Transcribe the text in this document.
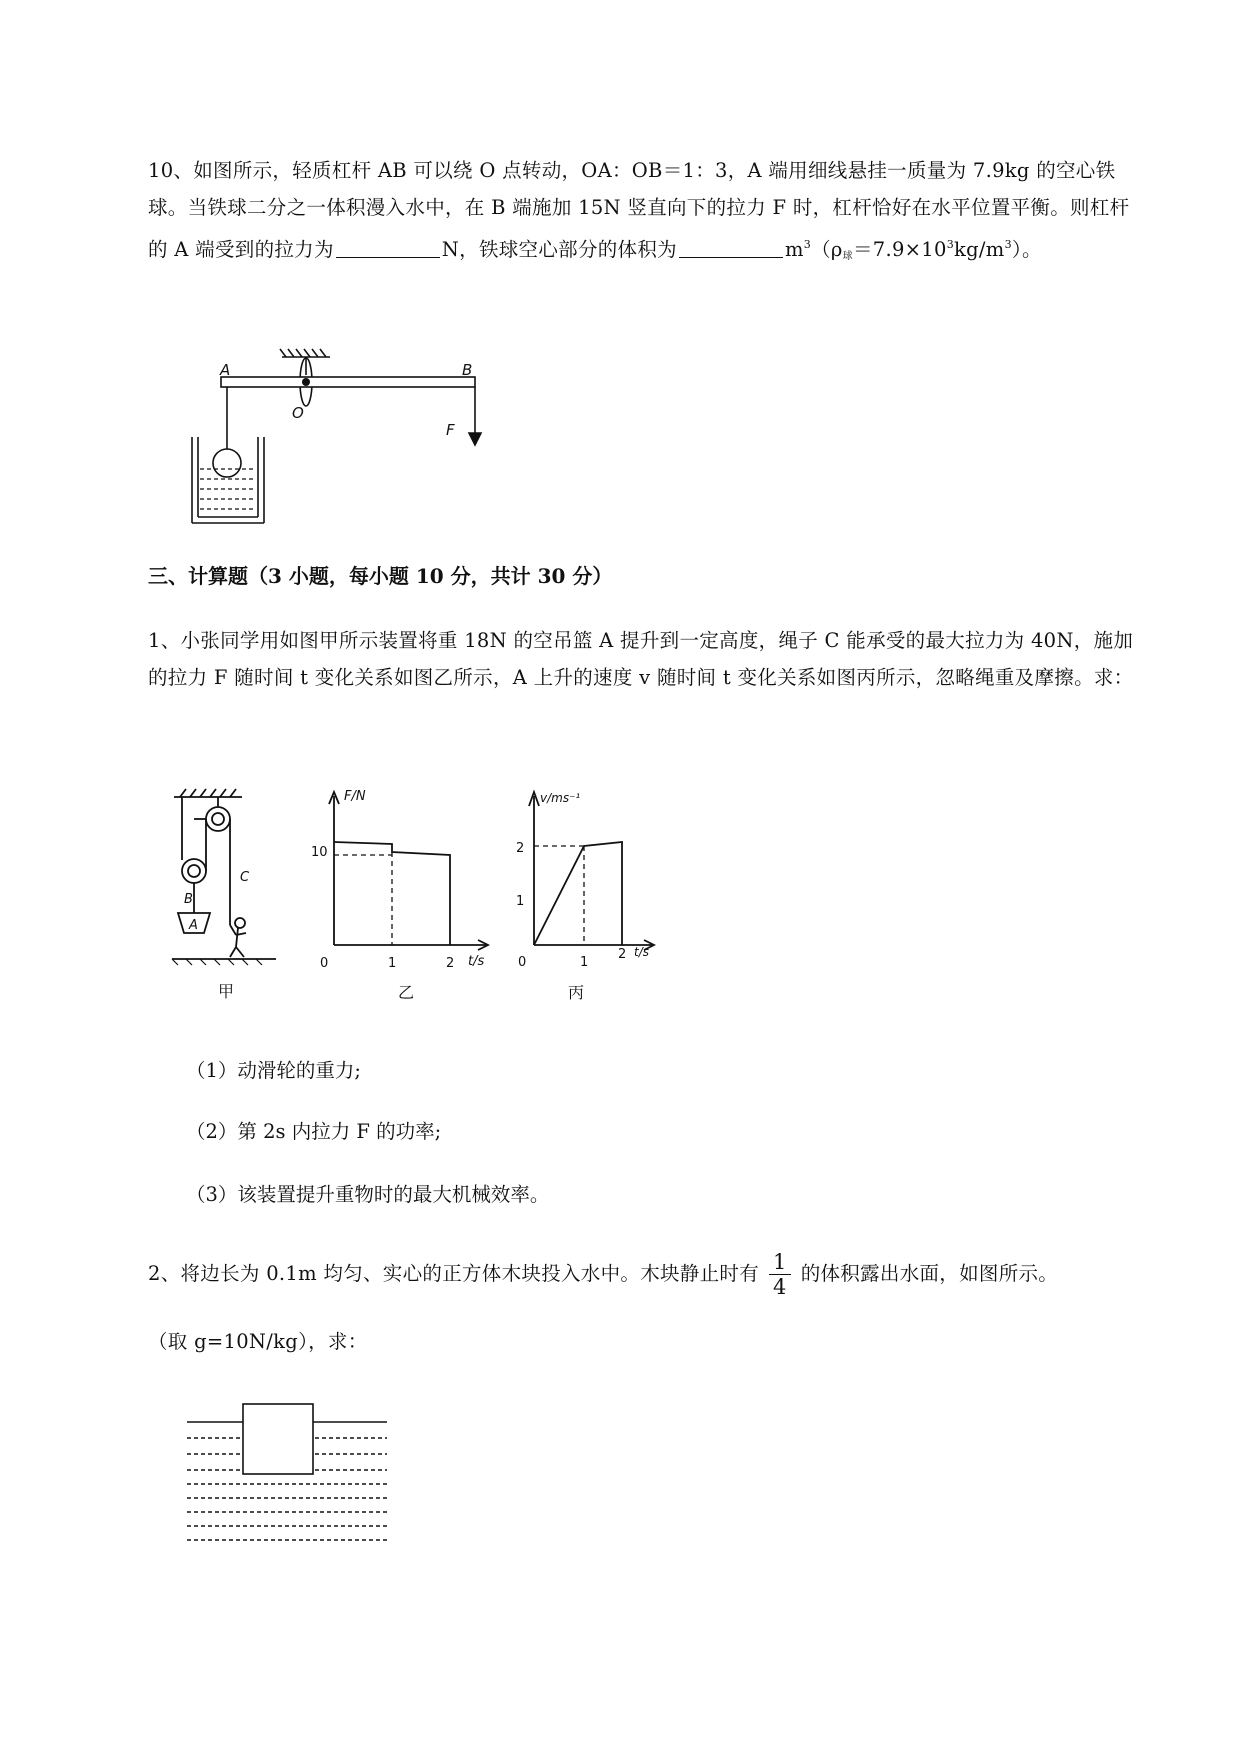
10、如图所示，轻质杠杆 AB 可以绕 O 点转动，OA：OB＝1：3，A 端用细线悬挂一质量为 7.9kg 的空心铁球。当铁球二分之一体积漫入水中，在 B 端施加 15N 竖直向下的拉力 F 时，杠杆恰好在水平位置平衡。则杠杆的 A 端受到的拉力为	N，铁球空心部分的体积为	$m^3(\rho_球=7.9\times 10^3kg/m^3)$。
A	B
O
F
三、计算题（3 小题，每小题 10 分，共计 30 分）
1、小张同学用如图甲所示装置将重 18N 的空吊篮 A 提升到一定高度，绳子 C 能承受的最大拉力为 40N，施加的拉力 F 随时间 t 变化关系如图乙所示，A 上升的速度 v 随时间 t 变化关系如图丙所示，忽略绳重及摩擦。求：
C
B
A
甲
F/N
10
0	1	2 t/s
乙
v/ms⁻¹
2
1
0	1
2 t/s
丙
（1）动滑轮的重力;
（2）第 2s 内拉力 F 的功率;
（3）该装置提升重物时的最大机械效率。
2、将边长为 0.1m 均匀、实心的正方体木块投入水中。木块静止时有 $\frac{1}{4}$ 的体积露出水面，如图所示。
（取 g=10N/kg），求：
